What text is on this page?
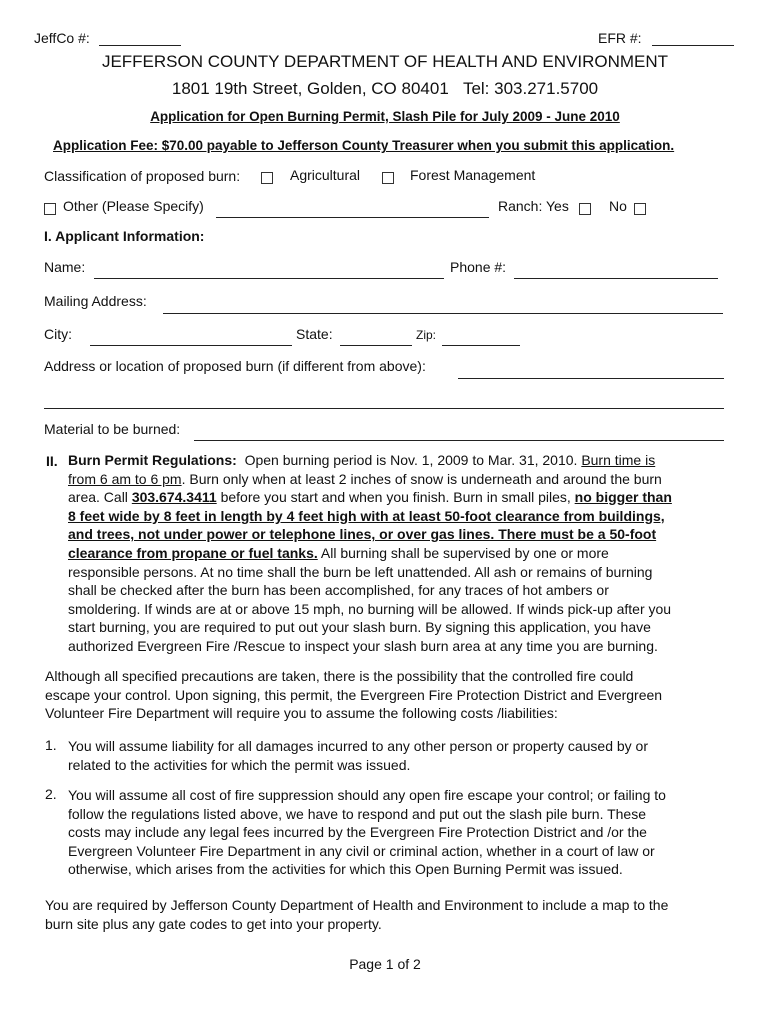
JeffCo #:	EFR #:
JEFFERSON COUNTY DEPARTMENT OF HEALTH AND ENVIRONMENT
1801 19th Street, Golden, CO 80401 Tel: 303.271.5700
Application for Open Burning Permit, Slash Pile for July 2009 - June 2010
Application Fee: $70.00 payable to Jefferson County Treasurer when you submit this application.
Classification of proposed burn:	Agricultural	Forest Management
Other (Please Specify)	Ranch: Yes	No
I. Applicant Information:
Name:	Phone #:
Mailing Address:
City:	State:	Zip:
Address or location of proposed burn (if different from above):
Material to be burned:
II. Burn Permit Regulations: Open burning period is Nov. 1, 2009 to Mar. 31, 2010. Burn time is
from 6 am to 6 pm. Burn only when at least 2 inches of snow is underneath and around the burn
area. Call 303.674.3411 before you start and when you finish. Burn in small piles, no bigger than
8 feet wide by 8 feet in length by 4 feet high with at least 50-foot clearance from buildings,
and trees, not under power or telephone lines, or over gas lines. There must be a 50-foot
clearance from propane or fuel tanks. All burning shall be supervised by one or more
responsible persons. At no time shall the burn be left unattended. All ash or remains of burning
shall be checked after the burn has been accomplished, for any traces of hot ambers or
smoldering. If winds are at or above 15 mph, no burning will be allowed. If winds pick-up after you
start burning, you are required to put out your slash burn. By signing this application, you have
authorized Evergreen Fire /Rescue to inspect your slash burn area at any time you are burning.
Although all specified precautions are taken, there is the possibility that the controlled fire could
escape your control. Upon signing, this permit, the Evergreen Fire Protection District and Evergreen
Volunteer Fire Department will require you to assume the following costs /liabilities:
1. You will assume liability for all damages incurred to any other person or property caused by or
related to the activities for which the permit was issued.
2. You will assume all cost of fire suppression should any open fire escape your control; or failing to
follow the regulations listed above, we have to respond and put out the slash pile burn. These
costs may include any legal fees incurred by the Evergreen Fire Protection District and /or the
Evergreen Volunteer Fire Department in any civil or criminal action, whether in a court of law or
otherwise, which arises from the activities for which this Open Burning Permit was issued.
You are required by Jefferson County Department of Health and Environment to include a map to the
burn site plus any gate codes to get into your property.
Page 1 of 2
